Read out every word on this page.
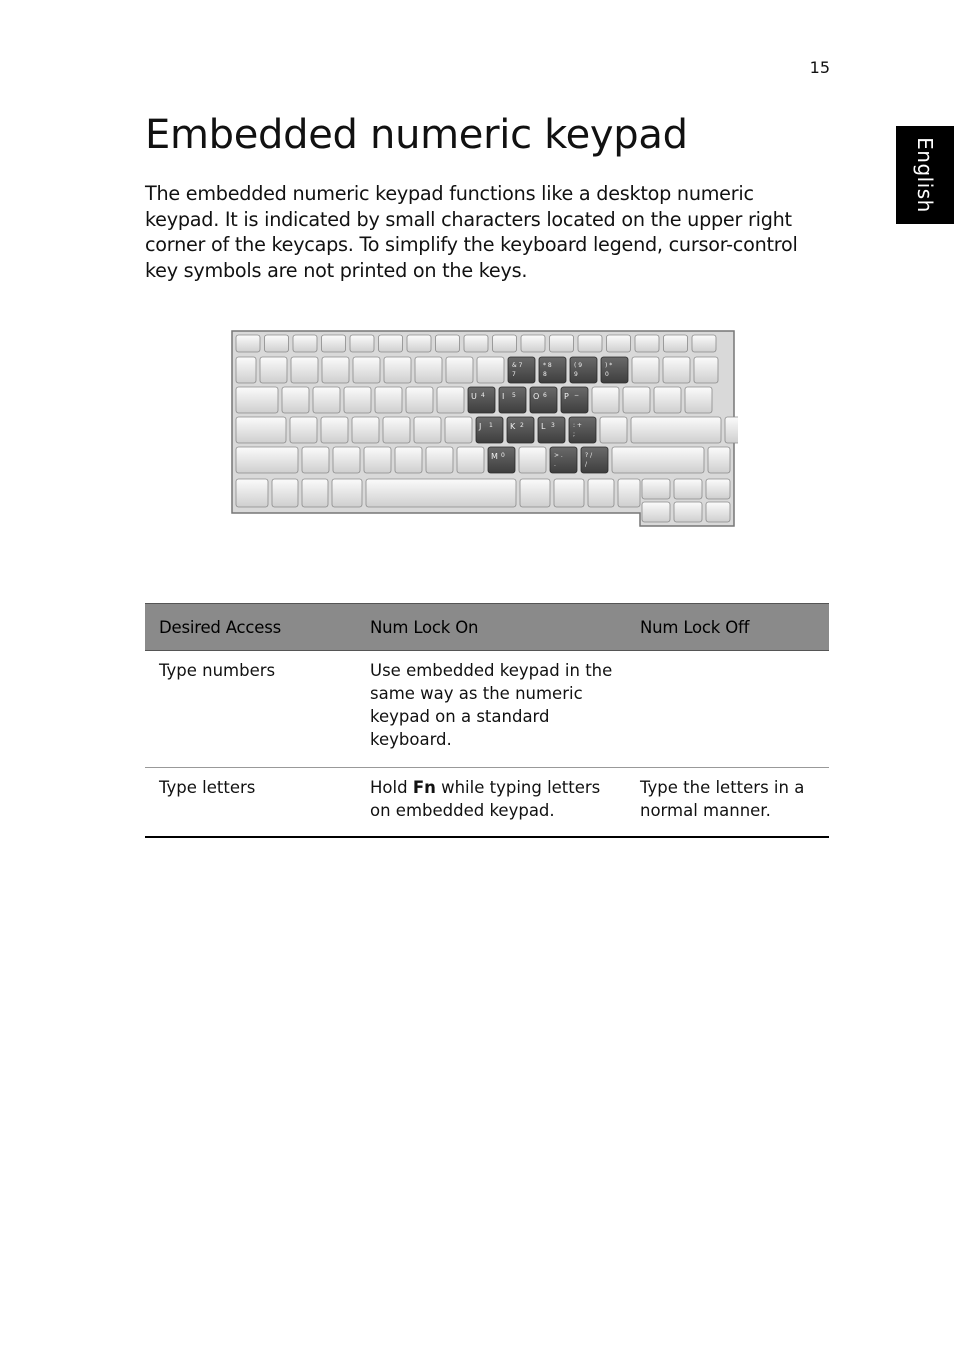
15
English
Embedded numeric keypad

The embedded numeric keypad functions like a desktop numeric keypad. It is indicated by small characters located on the upper right corner of the keycaps. To simplify the keyboard legend, cursor-control key symbols are not printed on the keys.

& 7
7
* 8
8
( 9
9
) *
0
U 4 I 5 O 6 P −
J 1 K 2 L 3	: +
;
M 0	> .
.
? /
/
Desired Access	Num Lock On	Num Lock Off
Type numbers	Use embedded keypad in the same way as the numeric keypad on a standard keyboard.	
Type letters	Hold Fn while typing letters on embedded keypad.	Type the letters in a normal manner.
